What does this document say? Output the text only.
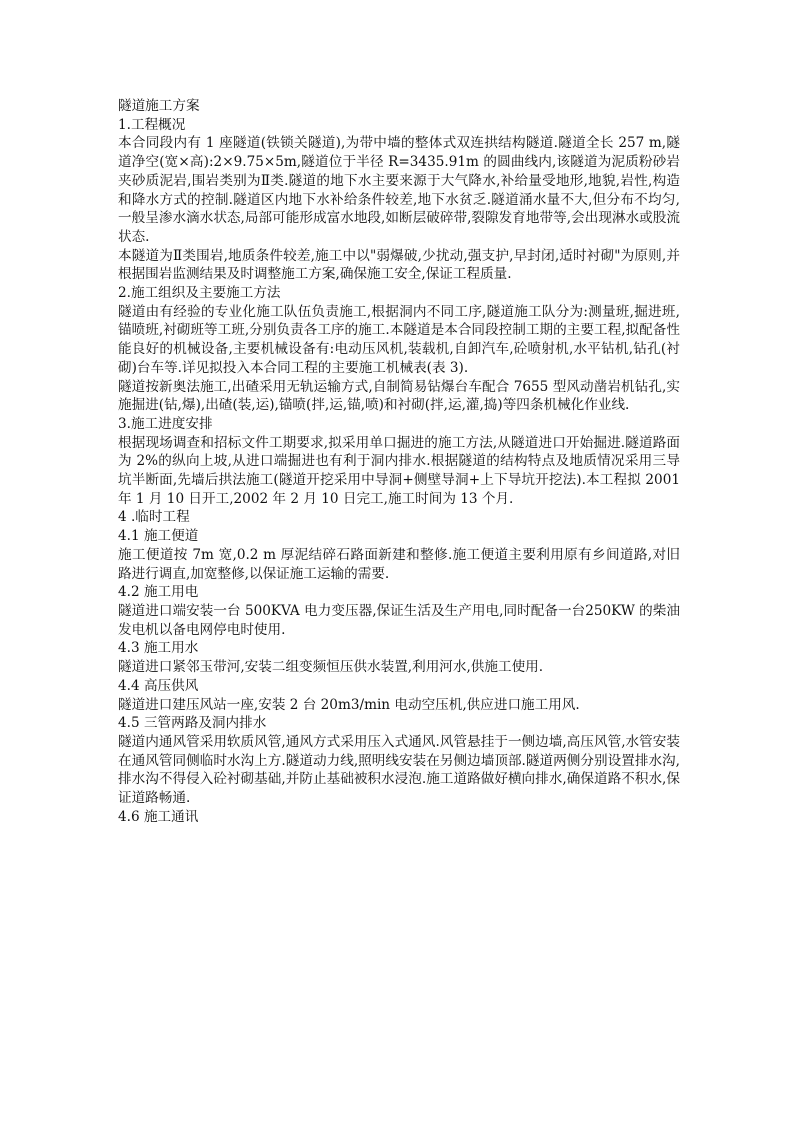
隧道施工方案
1.工程概况
本合同段内有 1 座隧道(铁锁关隧道),为带中墙的整体式双连拱结构隧道.隧道全长 257 m,隧道净空(宽×高):2×9.75×5m,隧道位于半径 R=3435.91m 的圆曲线内,该隧道为泥质粉砂岩夹砂质泥岩,围岩类别为Ⅱ类.隧道的地下水主要来源于大气降水,补给量受地形,地貌,岩性,构造和降水方式的控制.隧道区内地下水补给条件较差,地下水贫乏.隧道涌水量不大,但分布不均匀,一般呈渗水滴水状态,局部可能形成富水地段,如断层破碎带,裂隙发育地带等,会出现淋水或股流状态.
本隧道为Ⅱ类围岩,地质条件较差,施工中以"弱爆破,少扰动,强支护,早封闭,适时衬砌"为原则,并根据围岩监测结果及时调整施工方案,确保施工安全,保证工程质量.
2.施工组织及主要施工方法
隧道由有经验的专业化施工队伍负责施工,根据洞内不同工序,隧道施工队分为:测量班,掘进班,锚喷班,衬砌班等工班,分别负责各工序的施工.本隧道是本合同段控制工期的主要工程,拟配备性能良好的机械设备,主要机械设备有:电动压风机,装载机,自卸汽车,砼喷射机,水平钻机,钻孔(衬砌)台车等.详见拟投入本合同工程的主要施工机械表(表 3).
隧道按新奥法施工,出碴采用无轨运输方式,自制简易钻爆台车配合 7655 型风动凿岩机钻孔,实施掘进(钻,爆),出碴(装,运),锚喷(拌,运,锚,喷)和衬砌(拌,运,灌,捣)等四条机械化作业线.
3.施工进度安排
根据现场调查和招标文件工期要求,拟采用单口掘进的施工方法,从隧道进口开始掘进.隧道路面为 2%的纵向上坡,从进口端掘进也有利于洞内排水.根据隧道的结构特点及地质情况采用三导坑半断面,先墙后拱法施工(隧道开挖采用中导洞+侧壁导洞+上下导坑开挖法).本工程拟 2001 年 1 月 10 日开工,2002 年 2 月 10 日完工,施工时间为 13 个月.
4 .临时工程
4.1 施工便道
施工便道按 7m 宽,0.2 m 厚泥结碎石路面新建和整修.施工便道主要利用原有乡间道路,对旧路进行调直,加宽整修,以保证施工运输的需要.
4.2 施工用电
隧道进口端安装一台 500KVA 电力变压器,保证生活及生产用电,同时配备一台250KW 的柴油发电机以备电网停电时使用.
4.3 施工用水
隧道进口紧邻玉带河,安装二组变频恒压供水装置,利用河水,供施工使用.
4.4 高压供风
隧道进口建压风站一座,安装 2 台 20m3/min 电动空压机,供应进口施工用风.
4.5 三管两路及洞内排水
隧道内通风管采用软质风管,通风方式采用压入式通风.风管悬挂于一侧边墙,高压风管,水管安装在通风管同侧临时水沟上方.隧道动力线,照明线安装在另侧边墙顶部.隧道两侧分别设置排水沟,排水沟不得侵入砼衬砌基础,并防止基础被积水浸泡.施工道路做好横向排水,确保道路不积水,保证道路畅通.
4.6 施工通讯
